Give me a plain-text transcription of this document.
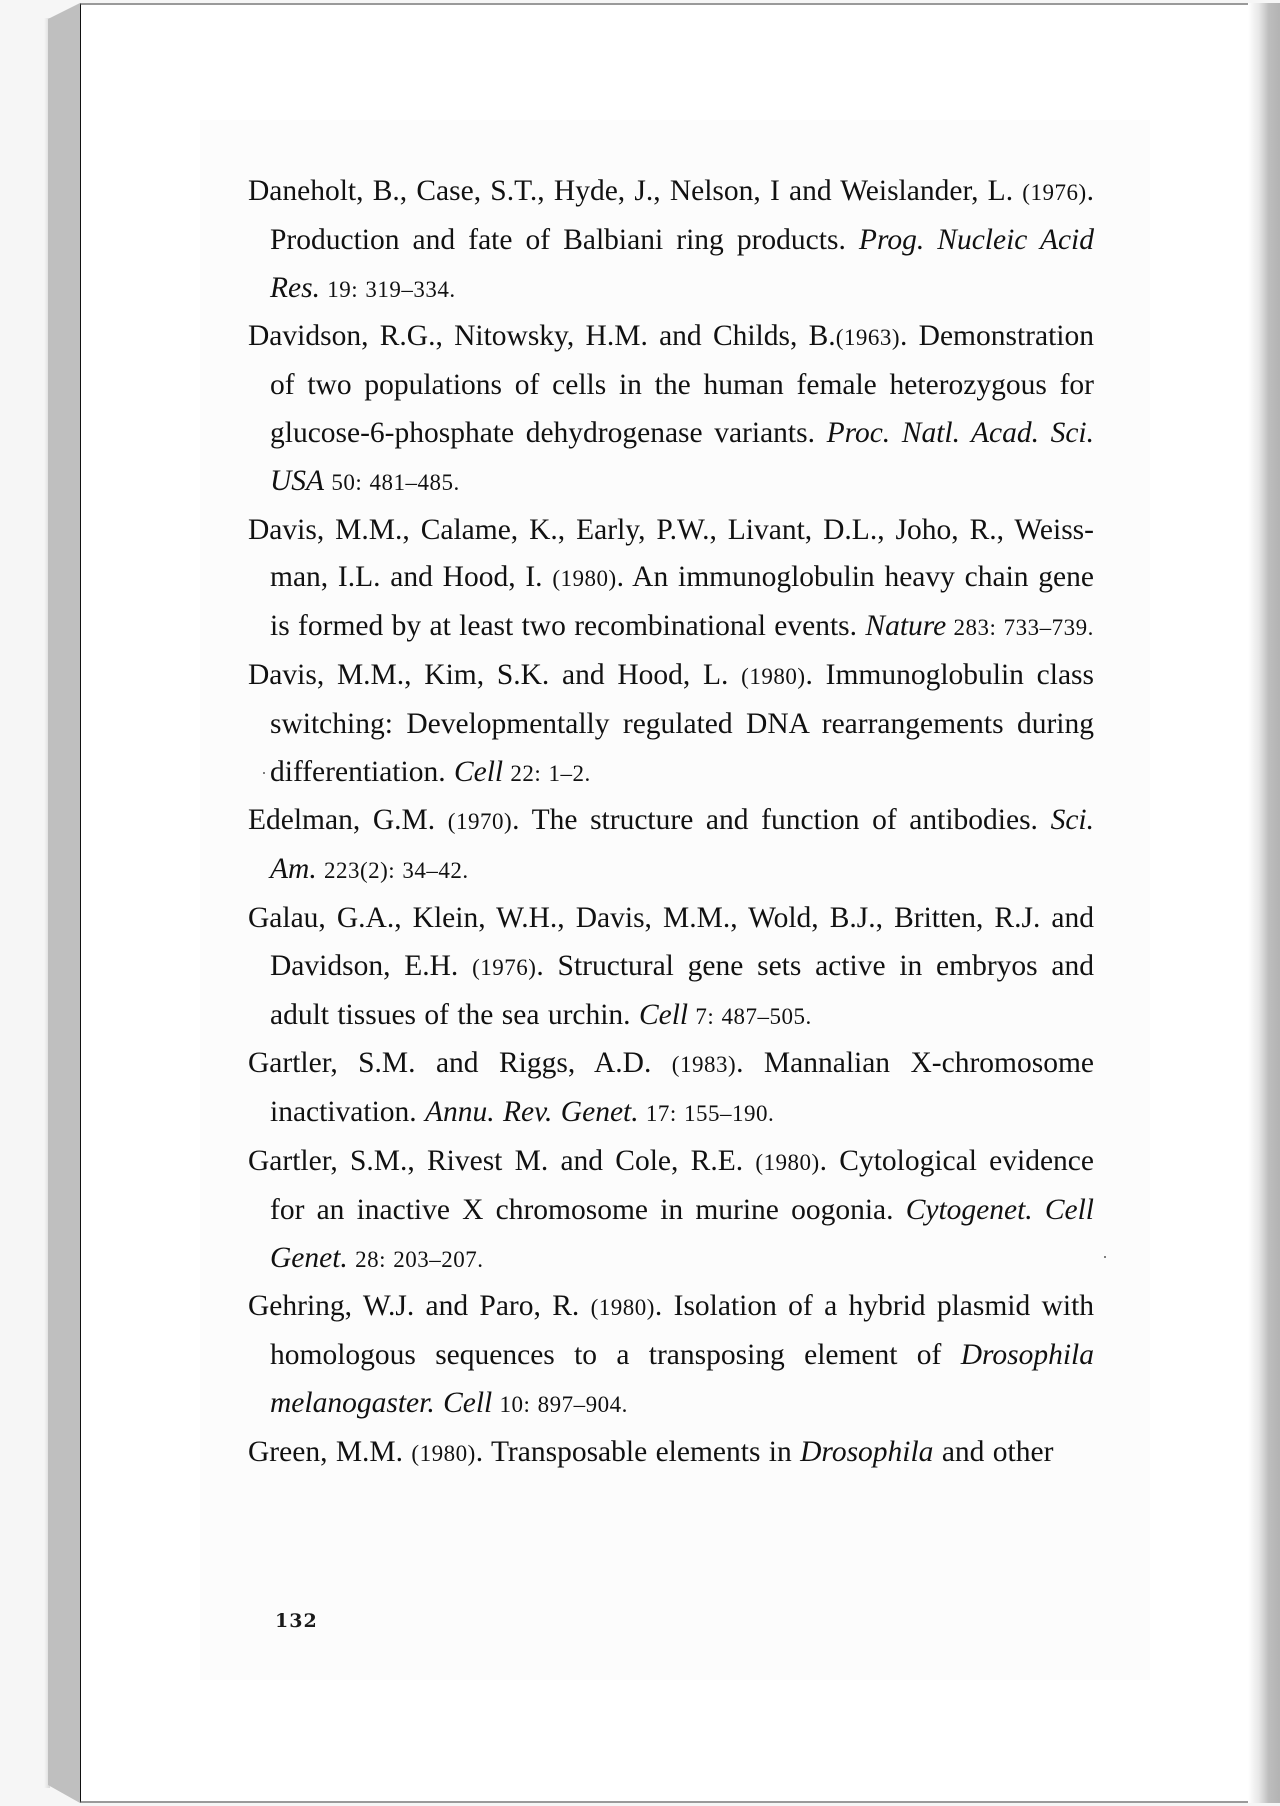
Daneholt, B., Case, S.T., Hyde, J., Nelson, I and Weislander, L. (1976). Production and fate of Balbiani ring products. Prog. Nucleic Acid Res. 19: 319–334.

Davidson, R.G., Nitowsky, H.M. and Childs, B.(1963). Demonstration of two populations of cells in the human female heterozygous for glucose-6-phosphate dehydrogenase variants. Proc. Natl. Acad. Sci. USA 50: 481–485.

Davis, M.M., Calame, K., Early, P.W., Livant, D.L., Joho, R., Weissman, I.L. and Hood, I. (1980). An immunoglobulin heavy chain gene is formed by at least two recombinational events. Nature 283: 733–739.

Davis, M.M., Kim, S.K. and Hood, L. (1980). Immunoglobulin class switching: Developmentally regulated DNA rearrangements during differentiation. Cell 22: 1–2.

Edelman, G.M. (1970). The structure and function of antibodies. Sci. Am. 223(2): 34–42.

Galau, G.A., Klein, W.H., Davis, M.M., Wold, B.J., Britten, R.J. and Davidson, E.H. (1976). Structural gene sets active in embryos and adult tissues of the sea urchin. Cell 7: 487–505.

Gartler, S.M. and Riggs, A.D. (1983). Mannalian X-chromosome inactivation. Annu. Rev. Genet. 17: 155–190.

Gartler, S.M., Rivest M. and Cole, R.E. (1980). Cytological evidence for an inactive X chromosome in murine oogonia. Cytogenet. Cell Genet. 28: 203–207.

Gehring, W.J. and Paro, R. (1980). Isolation of a hybrid plasmid with homologous sequences to a transposing element of Drosophila melanogaster. Cell 10: 897–904.

Green, M.M. (1980). Transposable elements in Drosophila and other

132
